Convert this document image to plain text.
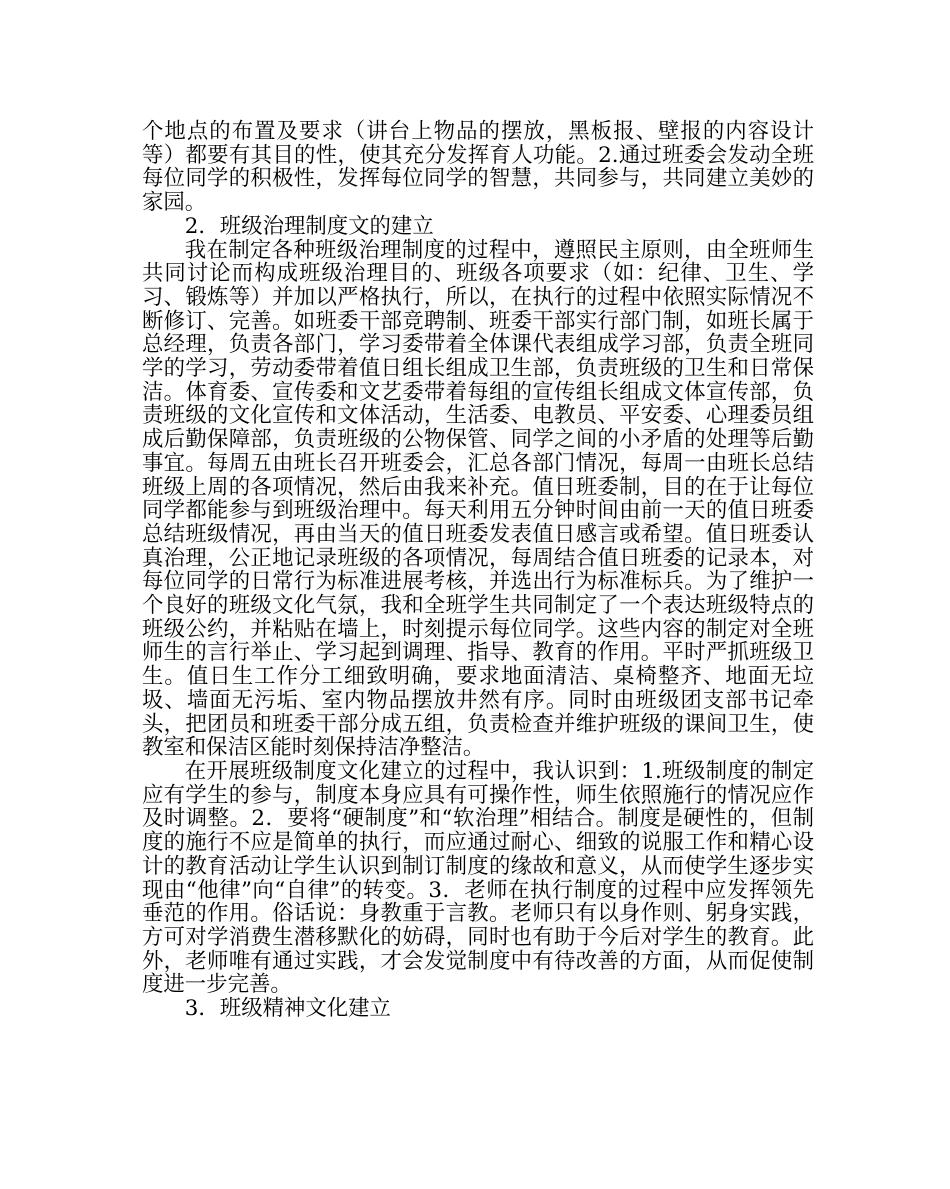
个地点的布置及要求（讲台上物品的摆放，黑板报、壁报的内容设计等）都要有其目的性，使其充分发挥育人功能。2.通过班委会发动全班每位同学的积极性，发挥每位同学的智慧，共同参与，共同建立美妙的家园。

2．班级治理制度文的建立

我在制定各种班级治理制度的过程中，遵照民主原则，由全班师生共同讨论而构成班级治理目的、班级各项要求（如：纪律、卫生、学习、锻炼等）并加以严格执行，所以，在执行的过程中依照实际情况不断修订、完善。如班委干部竞聘制、班委干部实行部门制，如班长属于总经理，负责各部门，学习委带着全体课代表组成学习部，负责全班同学的学习，劳动委带着值日组长组成卫生部，负责班级的卫生和日常保洁。体育委、宣传委和文艺委带着每组的宣传组长组成文体宣传部，负责班级的文化宣传和文体活动，生活委、电教员、平安委、心理委员组成后勤保障部，负责班级的公物保管、同学之间的小矛盾的处理等后勤事宜。每周五由班长召开班委会，汇总各部门情况，每周一由班长总结班级上周的各项情况，然后由我来补充。值日班委制，目的在于让每位同学都能参与到班级治理中。每天利用五分钟时间由前一天的值日班委总结班级情况，再由当天的值日班委发表值日感言或希望。值日班委认真治理，公正地记录班级的各项情况，每周结合值日班委的记录本，对每位同学的日常行为标准进展考核，并选出行为标准标兵。为了维护一个良好的班级文化气氛，我和全班学生共同制定了一个表达班级特点的班级公约，并粘贴在墙上，时刻提示每位同学。这些内容的制定对全班师生的言行举止、学习起到调理、指导、教育的作用。平时严抓班级卫生。值日生工作分工细致明确，要求地面清洁、桌椅整齐、地面无垃圾、墙面无污垢、室内物品摆放井然有序。同时由班级团支部书记牵头，把团员和班委干部分成五组，负责检查并维护班级的课间卫生，使教室和保洁区能时刻保持洁净整洁。

在开展班级制度文化建立的过程中，我认识到：1.班级制度的制定应有学生的参与，制度本身应具有可操作性，师生依照施行的情况应作及时调整。2．要将“硬制度”和“软治理”相结合。制度是硬性的，但制度的施行不应是简单的执行，而应通过耐心、细致的说服工作和精心设计的教育活动让学生认识到制订制度的缘故和意义，从而使学生逐步实现由“他律”向“自律”的转变。3．老师在执行制度的过程中应发挥领先垂范的作用。俗话说：身教重于言教。老师只有以身作则、躬身实践，方可对学消费生潜移默化的妨碍，同时也有助于今后对学生的教育。此外，老师唯有通过实践，才会发觉制度中有待改善的方面，从而促使制度进一步完善。

3．班级精神文化建立
